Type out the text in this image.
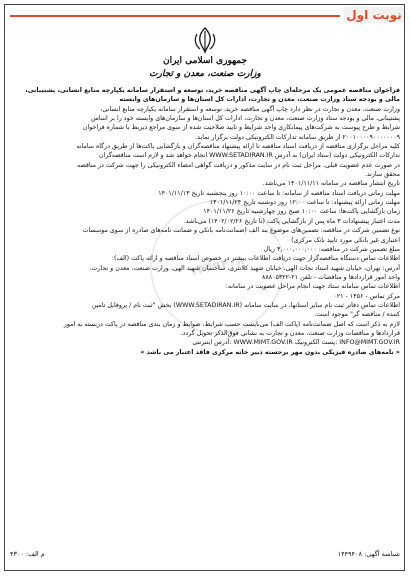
نوبت اول
جمهوری اسلامی ایران
وزارت صنعت، معدن و تجارت
۱۴۴۹۴۰۸

فراخوان مناقصه عمومی یک مرحله‌ای چاپ آگهی مناقصه خرید، توسعه و استقرار سامانه یکپارچه منابع انسانی، پشتیبانی،

مالی و بودجه ستاد وزارت صنعت، معدن و تجارت، ادارات کل استان‌ها و سازمان‌های وابسته

وزارت صنعت، معدن و تجارت در نظر دارد چاپ آگهی مناقصه خرید، توسعه و استقرار سامانه یکپارچه منابع انسانی،

پشتیبانی، مالی و بودجه ستاد وزارت صنعت، معدن و تجارت، ادارات کل استان‌ها و سازمان‌های وابسته خود را بر اساس

شرایط و طرح پیوست به شرکت‌های پیمانکاری واجد شرایط و تایید صلاحیت شده از سوی مراجع ذیربط با شماره فراخوان

۲۰۰۱۰۰۰۰۹۰۰۰۰۰۰۰۹ از طریق سامانه تدارکات الکترونیکی دولت برگزار نماید.

کلیه مراحل برگزاری مناقصه از دریافت اسناد مناقصه تا ارائه پیشنهاد مناقصه‌گران و بازگشایی پاکت‌ها از طریق درگاه سامانه

تدارکات الکترونیکی دولت (ستاد ایران) به آدرس WWW.SETADIRAN.IR انجام خواهد شد و لازم است مناقصه‌گران

در صورت عدم عضویت قبلی، مراحل ثبت نام در سایت مذکور و دریافت گواهی امضاء الکترونیکی را جهت شرکت در مناقصه

محقق سازند.

تاریخ انتشار مناقصه در سامانه ۱۴۰۱/۱۱/۱۱ می‌باشد.

مهلت زمانی دریافت اسناد مناقصه از سامانه: تا ساعت ۱۰:۰۰ روز پنجشنبه تاریخ ۱۴۰۱/۱۱/۱۳

مهلت زمانی ارائه پیشنهاد: تا ساعت ۱۲:۰۰ روز دوشنبه تاریخ ۱۴۰۱/۱۱/۲۴

زمان بازگشایی پاکت‌ها: ساعت ۱۰:۰۰ صبح روز چهارشنبه تاریخ ۱۴۰۱/۱۱/۲۶

مدت اعتبار پیشنهادات ۳ ماه پس از بازگشایی پاکت (تا تاریخ ۱۴۰۲/۰۲/۲۶) می‌باشد.

نوع تضمین شرکت در مناقصه: تضمین‌های موضوع بند الف (ضمانت‌نامه بانکی و ضمانت نامه‌های صادره از سوی موسسات

اعتباری غیر بانکی مورد تایید بانک مرکزی)

مبلغ تضمین شرکت در مناقصه: ۳,۰۰۰,۰۰۰,۰۰۰ ریال

اطلاعات تماس دستگاه مناقصه‌گزار جهت دریافت اطلاعات بیشتر در خصوص اسناد مناقصه و ارائه پاکت (الف):

آدرس: تهران، خیابان شهید استاد نجات الهی، خیابان شهید کلانتری، ساختمان شهید الهی، وزارت صنعت، معدن و تجارت،

واحد امور قراردادها و مناقصات - تلفن ۲۱-۸۸۸۰۵۳۲۲

اطلاعات تماس سامانه ستاد جهت انجام مراحل عضویت در سامانه:

مرکز تماس - ۱۴۵۶ - ۰۲۱

اطلاعات تماس دفاتر ثبت نام سایر استانها، در سایت سامانه (WWW.SETADIRAN.IR) بخش "ثبت نام / پروفایل تامین

کننده / مناقصه گر" موجود است.

لازم به ذکر است که اصل ضمانت‌نامه (پاکت الف) می‌بایست حسب شرایط، ضوابط و زمان بندی مناقصه در پاکت دربسته به امور

قراردادها و مناقصات وزارت صنعت، معدن و تجارت به نشانی فوق‌الذکر تحویل گردد.

INFO@MIMT.GOV.IR :پست الکترونیک WWW.MIMT.GOV.IR :آدرس اینترنتی

« نامه‌های صادره فیزیکی بدون مهر برجسته دبیر خانه مرکزی فاقد اعتبار می باشد »

شناسه آگهی: ۱۴۴۹۴۰۸
م الف: ۴۳۰۰
